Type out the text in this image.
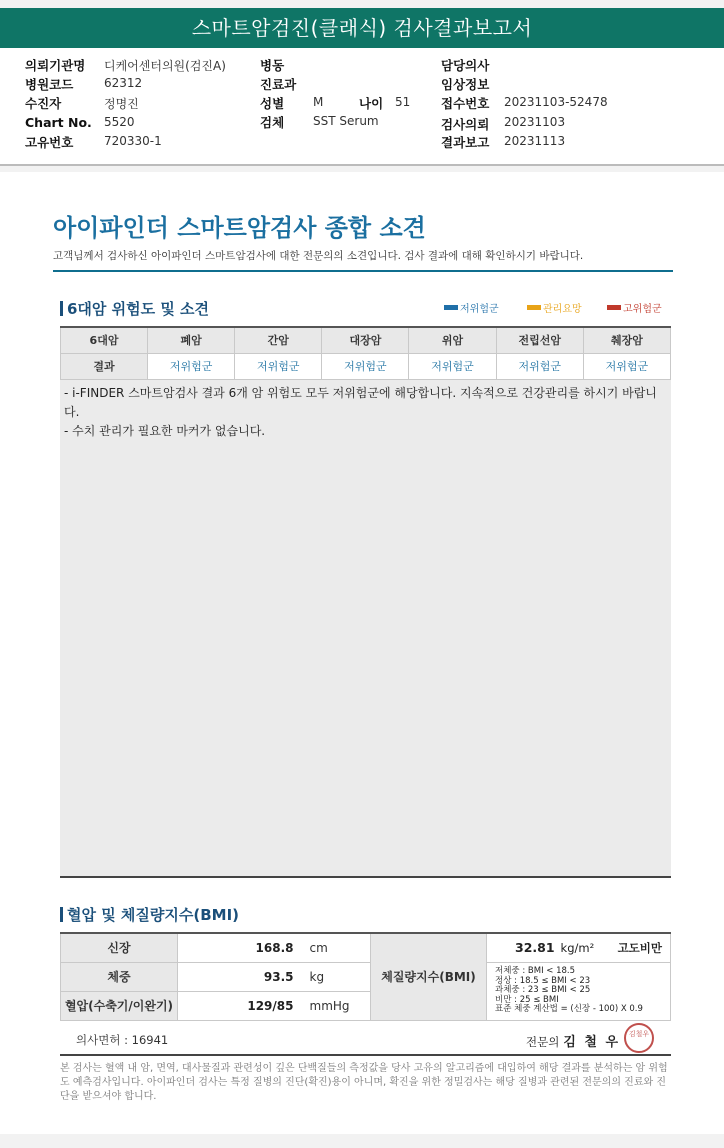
스마트암검진(클래식) 검사결과보고서
의뢰기관명 디케어센터의원(검진A)
병원코드	62312
수진자	정명진
Chart No. 5520
고유번호	720330-1
병동
진료과
성별 M	나이 51
검체 SST Serum
담당의사
임상정보
접수번호 20231103-52478
검사의뢰 20231103
결과보고 20231113
아이파인더 스마트암검사 종합 소견
고객님께서 검사하신 아이파인더 스마트암검사에 대한 전문의의 소견입니다. 검사 결과에 대해 확인하시기 바랍니다.
6대암 위험도 및 소견	저위험군	관리요망	고위험군
6대암	폐암	간암	대장암	위암	전립선암	췌장암
결과	저위험군	저위험군	저위험군	저위험군	저위험군	저위험군
- i-FINDER 스마트암검사 결과 6개 암 위험도 모두 저위험군에 해당합니다. 지속적으로 건강관리를 하시기 바랍니다.
- 수치 관리가 필요한 마커가 없습니다.
혈압 및 체질량지수(BMI)
신장	168.8	cm	체질량지수(BMI)	32.81 kg/m² 고도비만

체중	93.5	kg		저체중 : BMI < 18.5
정상 : 18.5 ≤ BMI < 23
과체중 : 23 ≤ BMI < 25
비만 : 25 ≤ BMI
표준 체중 계산법 = (신장 - 100) X 0.9

혈압(수축기/이완기)	129/85	mmHg		
의사면허 : 16941	전문의 김 철 우
김철우
본 검사는 혈액 내 암, 면역, 대사물질과 관련성이 깊은 단백질들의 측정값을 당사 고유의 알고리즘에 대입하여 해당 결과를 분석하는 암 위험도 예측검사입니다. 아이파인더 검사는 특정 질병의 진단(확진)용이 아니며, 확진을 위한 정밀검사는 해당 질병과 관련된 전문의의 진료와 진단을 받으셔야 합니다.
